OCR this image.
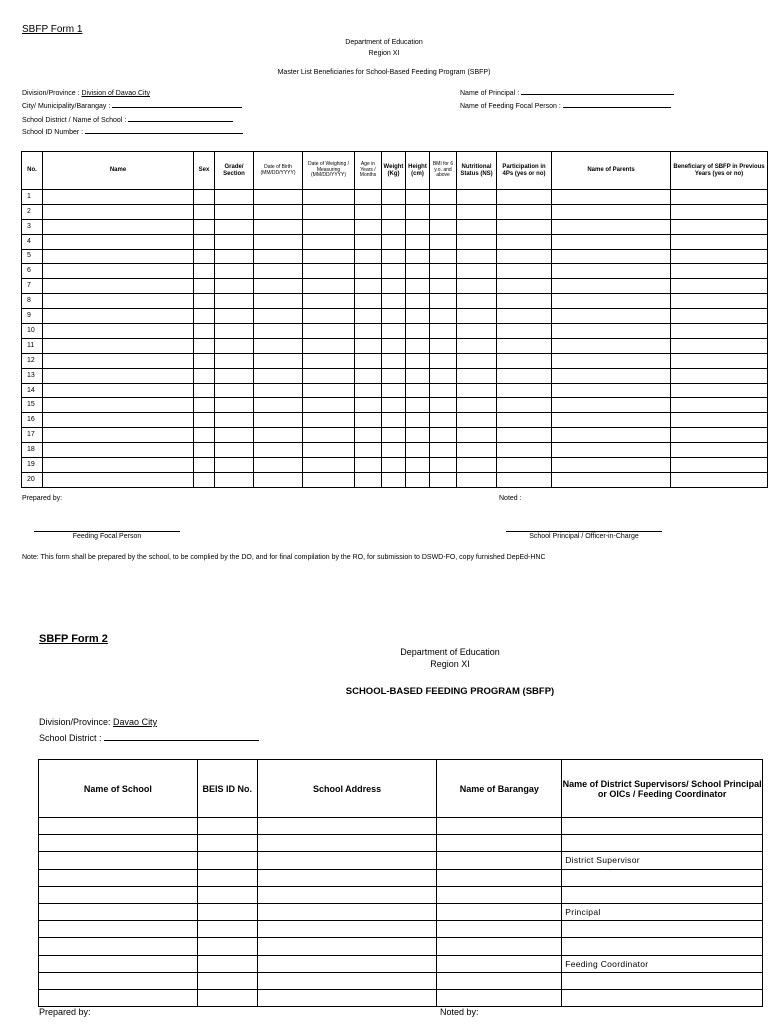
SBFP Form 1
Department of Education
Region XI
Master List Beneficiaries for School-Based Feeding Program (SBFP)
Division/Province : Division of Davao City
City/ Municipality/Barangay :
School District / Name of School :
School ID Number :
Name of Principal :
Name of Feeding Focal Person :
No.	Name	Sex	Grade/ Section	Date of Birth (MM/DD/YYYY)	Date of Weighing / Measuring (MM/DD/YYYY)	Age in Years / Months	Weight (Kg)	Height (cm)	BMI for 6 y.o. and above	Nutritional Status (NS)	Participation in 4Ps (yes or no)	Name of Parents	Beneficiary of SBFP in Previous Years (yes or no)
1													
2													
3													
4													
5													
6													
7													
8													
9													
10													
11													
12													
13													
14													
15													
16													
17													
18													
19													
20													
Prepared by:	Noted :
Feeding Focal Person	School Principal / Officer-in-Charge
Note: This form shall be prepared by the school, to be complied by the DO, and for final compilation by the RO, for submission to DSWD-FO, copy furnished DepEd-HNC
SBFP Form 2
Department of Education
Region XI
SCHOOL-BASED FEEDING PROGRAM (SBFP)
Division/Province: Davao City
School District :
Name of School	BEIS ID No.	School Address	Name of Barangay	Name of District Supervisors/ School Principal or OICs / Feeding Coordinator

				District Supervisor

				Principal

				Feeding Coordinator

Prepared by:	Noted by:
